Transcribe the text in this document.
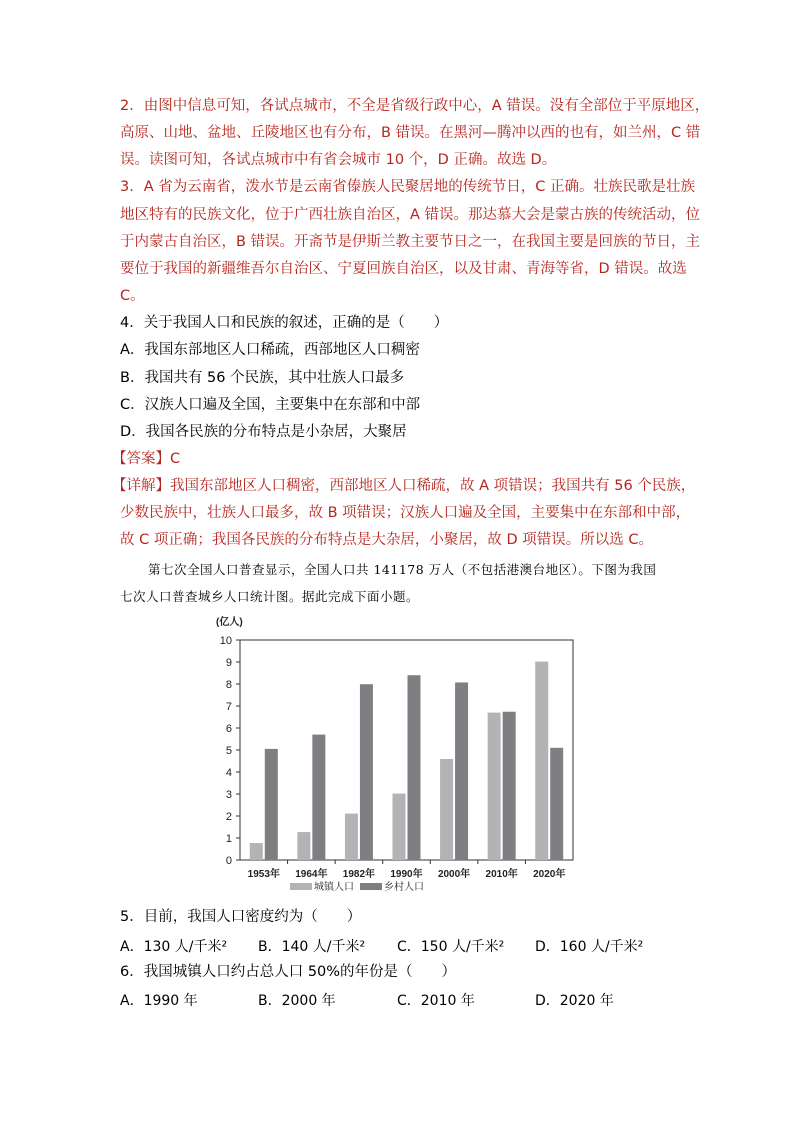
2．由图中信息可知，各试点城市，不全是省级行政中心，A 错误。没有全部位于平原地区，
高原、山地、盆地、丘陵地区也有分布，B 错误。在黑河—腾冲以西的也有，如兰州，C 错
误。读图可知，各试点城市中有省会城市 10 个，D 正确。故选 D。
3．A 省为云南省，泼水节是云南省傣族人民聚居地的传统节日，C 正确。壮族民歌是壮族
地区特有的民族文化，位于广西壮族自治区，A 错误。那达慕大会是蒙古族的传统活动，位
于内蒙古自治区，B 错误。开斋节是伊斯兰教主要节日之一，在我国主要是回族的节日，主
要位于我国的新疆维吾尔自治区、宁夏回族自治区，以及甘肃、青海等省，D 错误。故选
C。
4．关于我国人口和民族的叙述，正确的是（　　）
A．我国东部地区人口稀疏，西部地区人口稠密
B．我国共有 56 个民族，其中壮族人口最多
C．汉族人口遍及全国，主要集中在东部和中部
D．我国各民族的分布特点是小杂居，大聚居
【答案】C
【详解】我国东部地区人口稠密，西部地区人口稀疏，故 A 项错误；我国共有 56 个民族，
少数民族中，壮族人口最多，故 B 项错误；汉族人口遍及全国，主要集中在东部和中部，
故 C 项正确；我国各民族的分布特点是大杂居，小聚居，故 D 项错误。所以选 C。
第七次全国人口普查显示，全国人口共 141178 万人（不包括港澳台地区）。下图为我国
七次人口普查城乡人口统计图。据此完成下面小题。
(亿人)
0
1
2
3
4
5
6
7
8
9
10
1953年 1964年 1982年 1990年 2000年 2010年 2020年
城镇人口	乡村人口
5．目前，我国人口密度约为（　　）
A．130 人/千米² B．140 人/千米² C．150 人/千米² D．160 人/千米²
6．我国城镇人口约占总人口 50%的年份是（　　）
A．1990 年	B．2000 年	C．2010 年	D．2020 年
